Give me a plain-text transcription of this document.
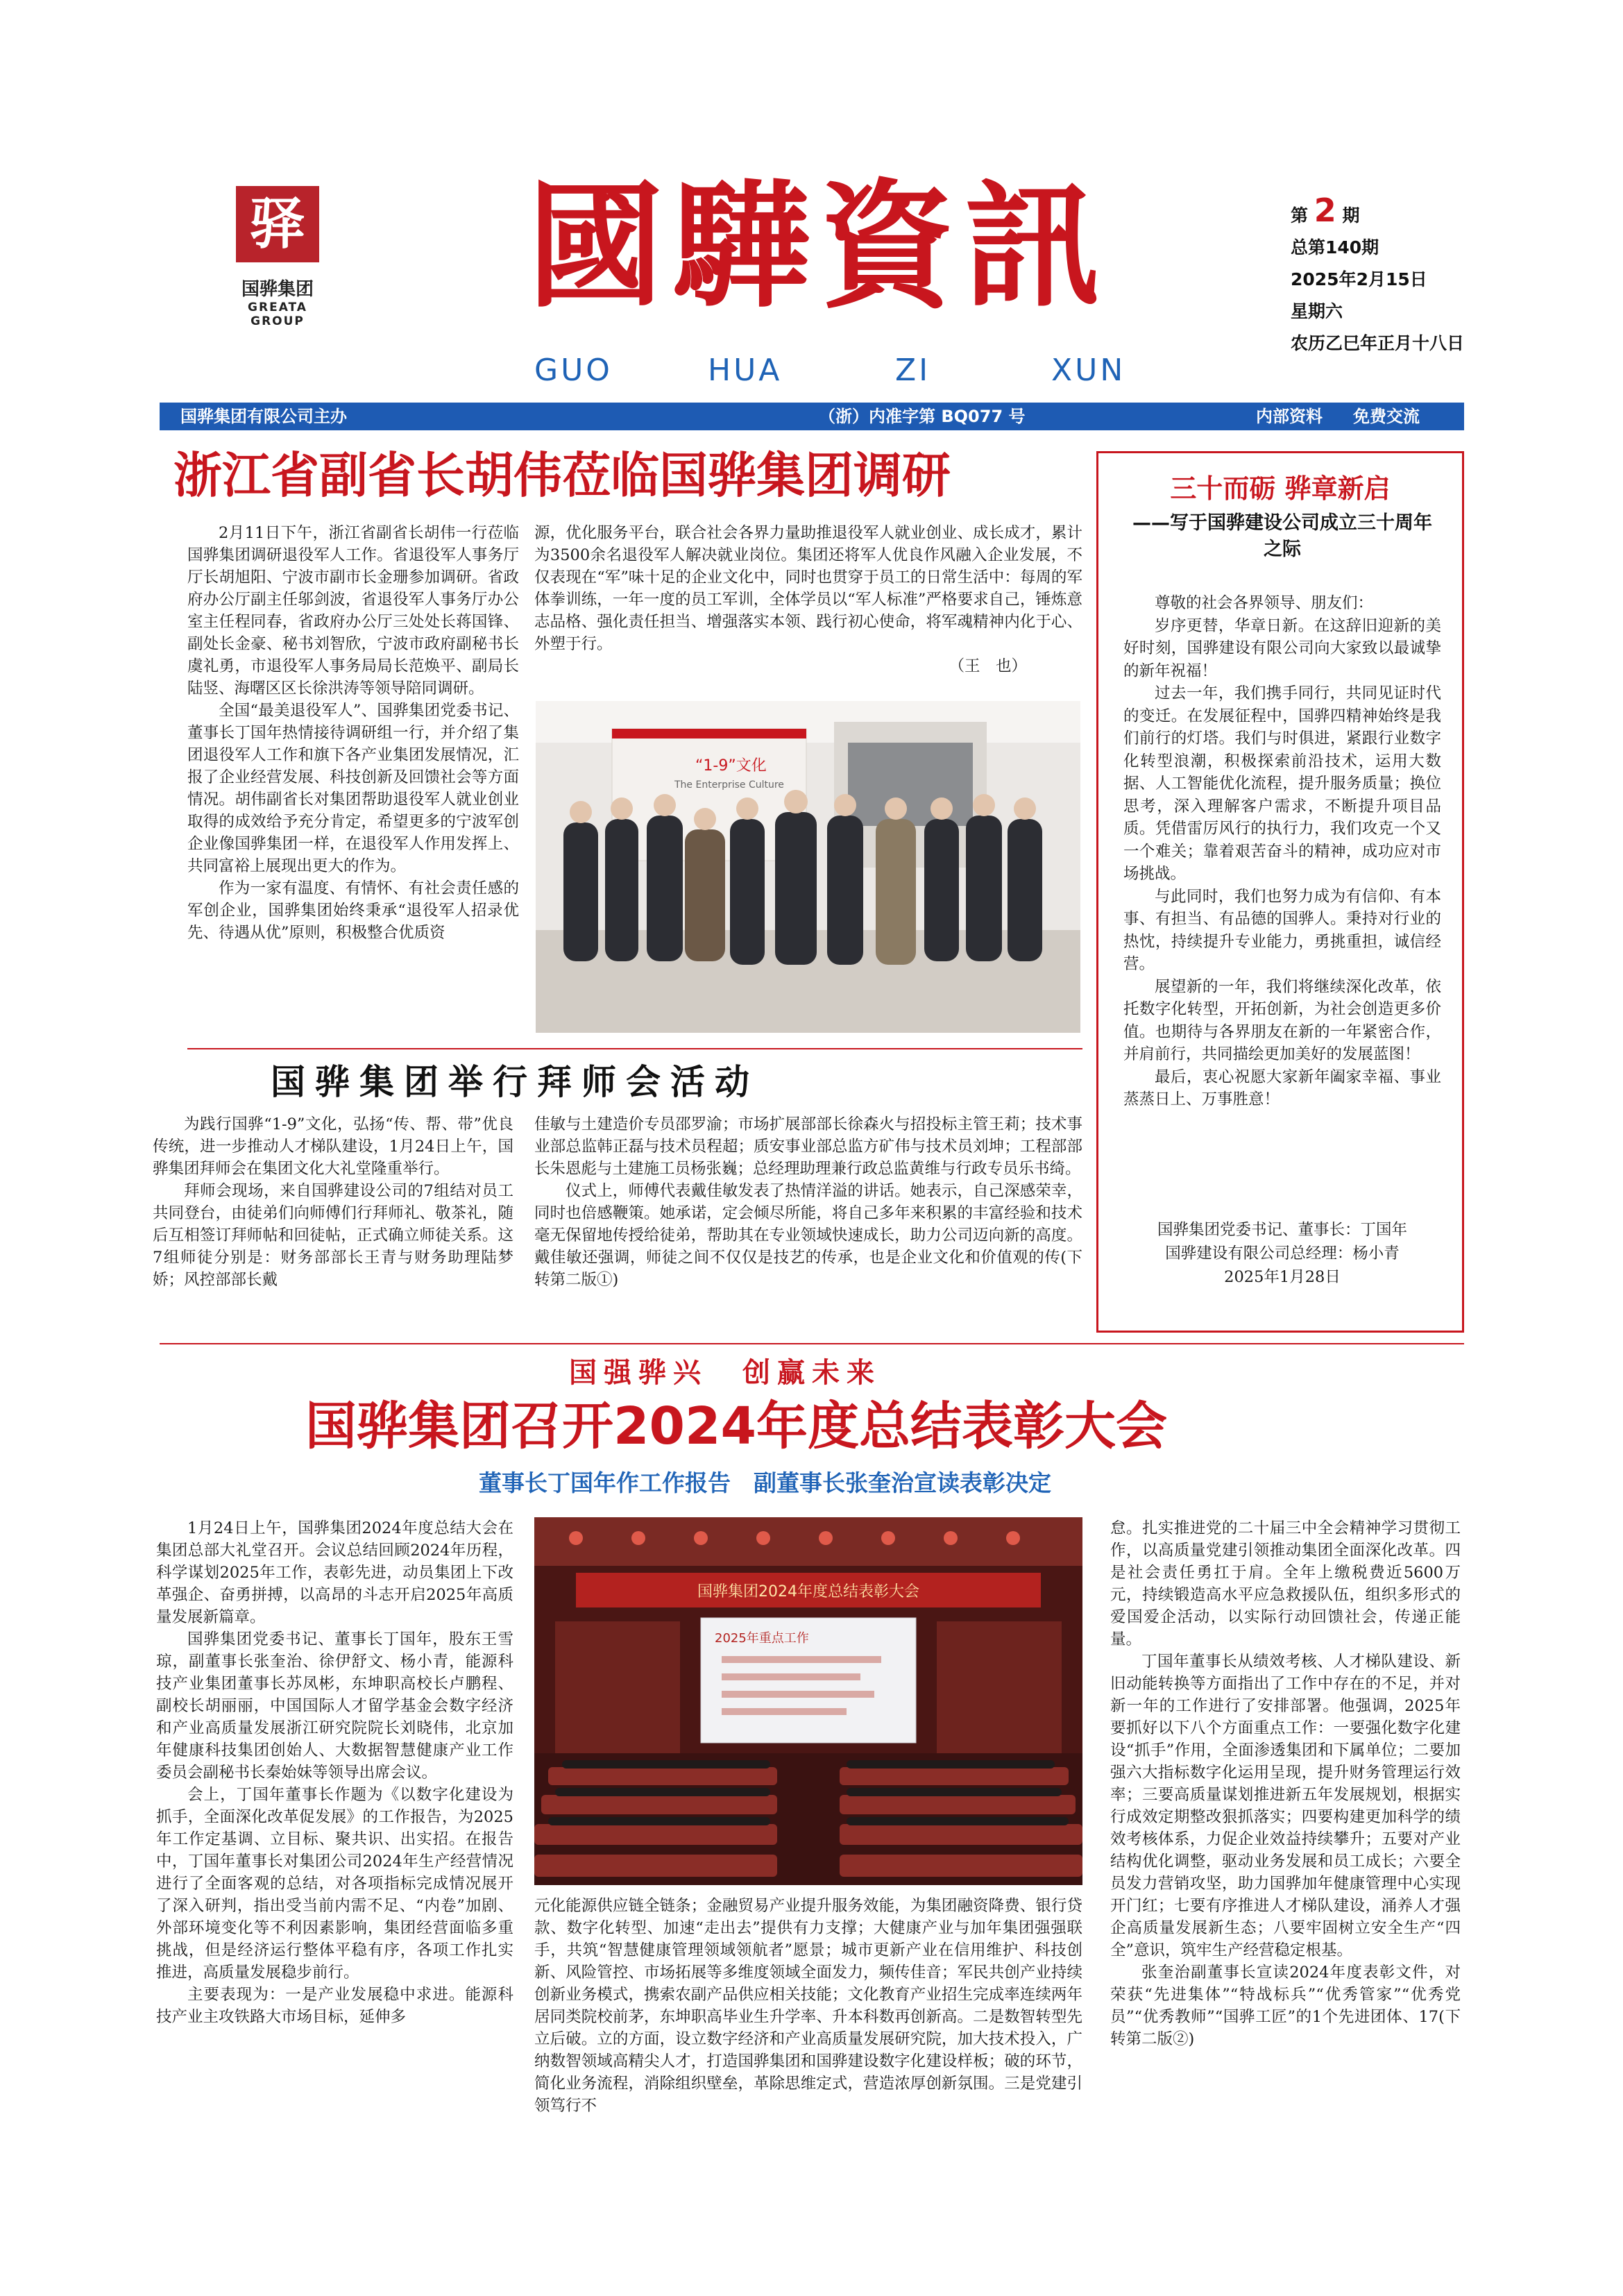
驿
国骅集团
GREATA GROUP 國驊資訊
GUO	HUA	ZI	XUN
第 2 期
总第140期
2025年2月15日
星期六
农历乙巳年正月十八日
国骅集团有限公司主办	（浙）内准字第 BQ077 号	内部资料 免费交流
浙江省副省长胡伟莅临国骅集团调研

2月11日下午，浙江省副省长胡伟一行莅临国骅集团调研退役军人工作。省退役军人事务厅厅长胡旭阳、宁波市副市长金珊参加调研。省政府办公厅副主任邬剑波，省退役军人事务厅办公室主任程同春，省政府办公厅三处处长蒋国锋、副处长金豪、秘书刘智欣，宁波市政府副秘书长虞礼勇，市退役军人事务局局长范焕平、副局长陆竖、海曙区区长徐洪涛等领导陪同调研。

全国“最美退役军人”、国骅集团党委书记、董事长丁国年热情接待调研组一行，并介绍了集团退役军人工作和旗下各产业集团发展情况，汇报了企业经营发展、科技创新及回馈社会等方面情况。胡伟副省长对集团帮助退役军人就业创业取得的成效给予充分肯定，希望更多的宁波军创企业像国骅集团一样，在退役军人作用发挥上、共同富裕上展现出更大的作为。

作为一家有温度、有情怀、有社会责任感的军创企业，国骅集团始终秉承“退役军人招录优先、待遇从优”原则，积极整合优质资

源，优化服务平台，联合社会各界力量助推退役军人就业创业、成长成才，累计为3500余名退役军人解决就业岗位。集团还将军人优良作风融入企业发展，不仅表现在“军”味十足的企业文化中，同时也贯穿于员工的日常生活中：每周的军体拳训练，一年一度的员工军训，全体学员以“军人标准”严格要求自己，锤炼意志品格、强化责任担当、增强落实本领、践行初心使命，将军魂精神内化于心、外塑于行。

（王　也）
“1-9”文化
The Enterprise Culture
国骅集团举行拜师会活动

为践行国骅“1-9”文化，弘扬“传、帮、带”优良传统，进一步推动人才梯队建设，1月24日上午，国骅集团拜师会在集团文化大礼堂隆重举行。

拜师会现场，来自国骅建设公司的7组结对员工共同登台，由徒弟们向师傅们行拜师礼、敬茶礼，随后互相签订拜师帖和回徒帖，正式确立师徒关系。这7组师徒分别是：财务部部长王青与财务助理陆梦娇；风控部部长戴

佳敏与土建造价专员邵罗渝；市场扩展部部长徐森火与招投标主管王莉；技术事业部总监韩正磊与技术员程超；质安事业部总监方矿伟与技术员刘坤；工程部部长朱恩彪与土建施工员杨张巍；总经理助理兼行政总监黄维与行政专员乐书绮。

仪式上，师傅代表戴佳敏发表了热情洋溢的讲话。她表示，自己深感荣幸，同时也倍感鞭策。她承诺，定会倾尽所能，将自己多年来积累的丰富经验和技术毫无保留地传授给徒弟，帮助其在专业领域快速成长，助力公司迈向新的高度。戴佳敏还强调，师徒之间不仅仅是技艺的传承，也是企业文化和价值观的传(下转第二版①)

三十而砺 骅章新启
——写于国骅建设公司成立三十周年之际

尊敬的社会各界领导、朋友们：

岁序更替，华章日新。在这辞旧迎新的美好时刻，国骅建设有限公司向大家致以最诚挚的新年祝福！

过去一年，我们携手同行，共同见证时代的变迁。在发展征程中，国骅四精神始终是我们前行的灯塔。我们与时俱进，紧跟行业数字化转型浪潮，积极探索前沿技术，运用大数据、人工智能优化流程，提升服务质量；换位思考，深入理解客户需求，不断提升项目品质。凭借雷厉风行的执行力，我们攻克一个又一个难关；靠着艰苦奋斗的精神，成功应对市场挑战。

与此同时，我们也努力成为有信仰、有本事、有担当、有品德的国骅人。秉持对行业的热忱，持续提升专业能力，勇挑重担，诚信经营。

展望新的一年，我们将继续深化改革，依托数字化转型，开拓创新，为社会创造更多价值。也期待与各界朋友在新的一年紧密合作，并肩前行，共同描绘更加美好的发展蓝图！

最后，衷心祝愿大家新年阖家幸福、事业蒸蒸日上、万事胜意！

国骅集团党委书记、董事长：丁国年
国骅建设有限公司总经理：杨小青
2025年1月28日
国强骅兴　创赢未来
国骅集团召开2024年度总结表彰大会
董事长丁国年作工作报告　副董事长张奎治宣读表彰决定

1月24日上午，国骅集团2024年度总结大会在集团总部大礼堂召开。会议总结回顾2024年历程，科学谋划2025年工作，表彰先进，动员集团上下改革强企、奋勇拼搏，以高昂的斗志开启2025年高质量发展新篇章。

国骅集团党委书记、董事长丁国年，股东王雪琼，副董事长张奎治、徐伊舒文、杨小青，能源科技产业集团董事长苏凤彬，东坤职高校长卢鹏程、副校长胡丽丽，中国国际人才留学基金会数字经济和产业高质量发展浙江研究院院长刘晓伟，北京加年健康科技集团创始人、大数据智慧健康产业工作委员会副秘书长秦始妹等领导出席会议。

会上，丁国年董事长作题为《以数字化建设为抓手，全面深化改革促发展》的工作报告，为2025年工作定基调、立目标、聚共识、出实招。在报告中，丁国年董事长对集团公司2024年生产经营情况进行了全面客观的总结，对各项指标完成情况展开了深入研判，指出受当前内需不足、“内卷”加剧、外部环境变化等不利因素影响，集团经营面临多重挑战，但是经济运行整体平稳有序，各项工作扎实推进，高质量发展稳步前行。

主要表现为：一是产业发展稳中求进。能源科技产业主攻铁路大市场目标，延伸多

国骅集团2024年度总结表彰大会
2025年重点工作

元化能源供应链全链条；金融贸易产业提升服务效能，为集团融资降费、银行贷款、数字化转型、加速“走出去”提供有力支撑；大健康产业与加年集团强强联手，共筑“智慧健康管理领域领航者”愿景；城市更新产业在信用维护、科技创新、风险管控、市场拓展等多维度领域全面发力，频传佳音；军民共创产业持续创新业务模式，携索农副产品供应相关技能；文化教育产业招生完成率连续两年居同类院校前茅，东坤职高毕业生升学率、升本科数再创新高。二是数智转型先立后破。立的方面，设立数字经济和产业高质量发展研究院，加大技术投入，广纳数智领域高精尖人才，打造国骅集团和国骅建设数字化建设样板；破的环节，简化业务流程，消除组织壁垒，革除思维定式，营造浓厚创新氛围。三是党建引领笃行不

怠。扎实推进党的二十届三中全会精神学习贯彻工作，以高质量党建引领推动集团全面深化改革。四是社会责任勇扛于肩。全年上缴税费近5600万元，持续锻造高水平应急救援队伍，组织多形式的爱国爱企活动，以实际行动回馈社会，传递正能量。

丁国年董事长从绩效考核、人才梯队建设、新旧动能转换等方面指出了工作中存在的不足，并对新一年的工作进行了安排部署。他强调，2025年要抓好以下八个方面重点工作：一要强化数字化建设“抓手”作用，全面渗透集团和下属单位；二要加强六大指标数字化运用呈现，提升财务管理运行效率；三要高质量谋划推进新五年发展规划，根据实行成效定期整改狠抓落实；四要构建更加科学的绩效考核体系，力促企业效益持续攀升；五要对产业结构优化调整，驱动业务发展和员工成长；六要全员发力营销攻坚，助力国骅加年健康管理中心实现开门红；七要有序推进人才梯队建设，涌养人才强企高质量发展新生态；八要牢固树立安全生产“四全”意识，筑牢生产经营稳定根基。

张奎治副董事长宣读2024年度表彰文件，对荣获“先进集体”“特战标兵”“优秀管家”“优秀党员”“优秀教师”“国骅工匠”的1个先进团体、17(下转第二版②)
